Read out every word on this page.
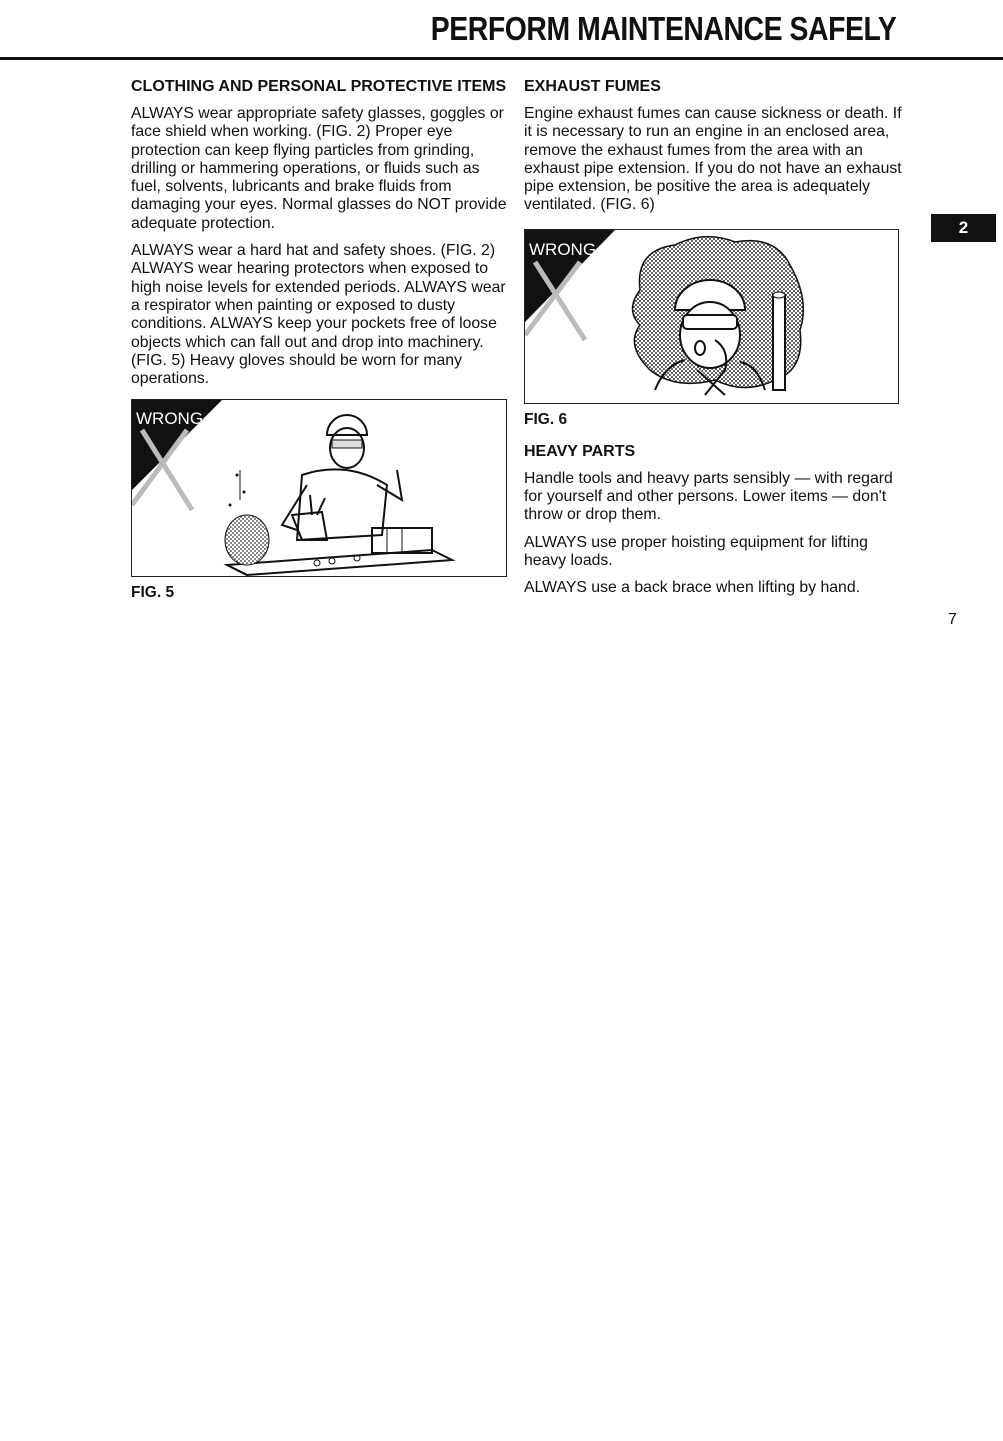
PERFORM MAINTENANCE SAFELY
2
CLOTHING AND PERSONAL PROTECTIVE ITEMS

ALWAYS wear appropriate safety glasses, goggles or face shield when working. (FIG. 2) Proper eye protection can keep flying particles from grinding, drilling or hammering operations, or fluids such as fuel, solvents, lubricants and brake fluids from damaging your eyes. Normal glasses do NOT provide adequate protection.

ALWAYS wear a hard hat and safety shoes. (FIG. 2) ALWAYS wear hearing protectors when exposed to high noise levels for extended periods. ALWAYS wear a respirator when painting or exposed to dusty conditions. ALWAYS keep your pockets free of loose objects which can fall out and drop into machinery. (FIG. 5) Heavy gloves should be worn for many operations.

WRONG
FIG. 5
EXHAUST FUMES

Engine exhaust fumes can cause sickness or death. If it is necessary to run an engine in an enclosed area, remove the exhaust fumes from the area with an exhaust pipe extension. If you do not have an exhaust pipe extension, be positive the area is adequately ventilated. (FIG. 6)

WRONG
FIG. 6
HEAVY PARTS

Handle tools and heavy parts sensibly — with regard for yourself and other persons. Lower items — don't throw or drop them.

ALWAYS use proper hoisting equipment for lifting heavy loads.

ALWAYS use a back brace when lifting by hand.

7
